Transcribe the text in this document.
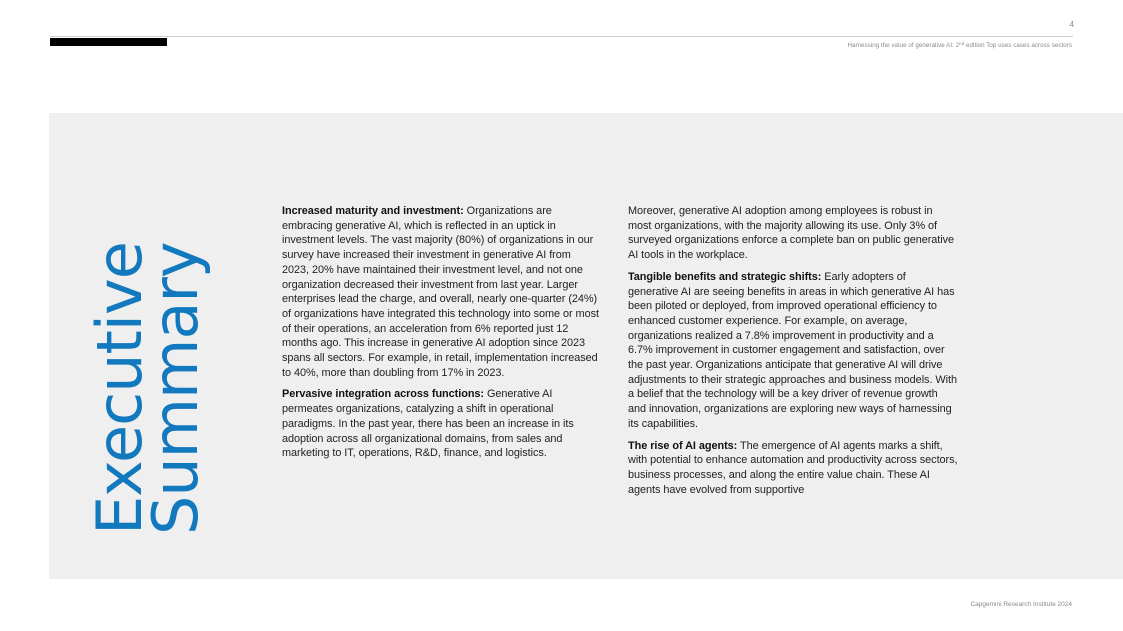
4
Harnessing the value of generative AI: 2nd edition Top uses cases across sectors
Executive
Summary

Increased maturity and investment: Organizations are embracing generative AI, which is reflected in an uptick in investment levels. The vast majority (80%) of organizations in our survey have increased their investment in generative AI from 2023, 20% have maintained their investment level, and not one organization decreased their investment from last year. Larger enterprises lead the charge, and overall, nearly one-quarter (24%) of organizations have integrated this technology into some or most of their operations, an acceleration from 6% reported just 12 months ago. This increase in generative AI adoption since 2023 spans all sectors. For example, in retail, implementation increased to 40%, more than doubling from 17% in 2023.

Pervasive integration across functions: Generative AI permeates organizations, catalyzing a shift in operational paradigms. In the past year, there has been an increase in its adoption across all organizational domains, from sales and marketing to IT, operations, R&D, finance, and logistics.

Moreover, generative AI adoption among employees is robust in most organizations, with the majority allowing its use. Only 3% of surveyed organizations enforce a complete ban on public generative AI tools in the workplace.

Tangible benefits and strategic shifts: Early adopters of generative AI are seeing benefits in areas in which generative AI has been piloted or deployed, from improved operational efficiency to enhanced customer experience. For example, on average, organizations realized a 7.8% improvement in productivity and a 6.7% improvement in customer engagement and satisfaction, over the past year. Organizations anticipate that generative AI will drive adjustments to their strategic approaches and business models. With a belief that the technology will be a key driver of revenue growth and innovation, organizations are exploring new ways of harnessing its capabilities.

The rise of AI agents: The emergence of AI agents marks a shift, with potential to enhance automation and productivity across sectors, business processes, and along the entire value chain. These AI agents have evolved from supportive

Capgemini Research Institute 2024
